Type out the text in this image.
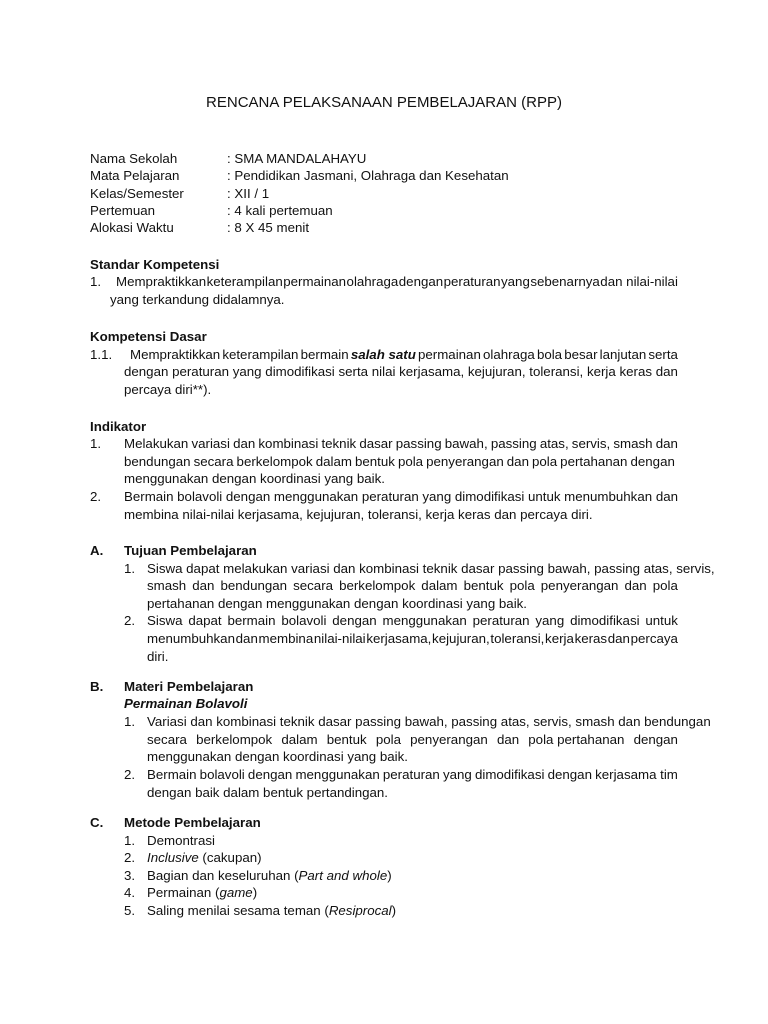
RENCANA PELAKSANAAN PEMBELAJARAN (RPP)
Nama Sekolah	: SMA MANDALAHAYU
Mata Pelajaran	: Pendidikan Jasmani, Olahraga dan Kesehatan
Kelas/Semester	: XII / 1
Pertemuan	: 4 kali pertemuan
Alokasi Waktu	: 8 X 45 menit
Standar Kompetensi
1. Mempraktikkan keterampilan permainan olahraga dengan peraturan yang sebenarnya dan nilai-nilai
yang terkandung didalamnya.
Kompetensi Dasar
1.1. Mempraktikkan keterampilan bermain salah satu permainan olahraga bola besar lanjutan serta
dengan peraturan yang dimodifikasi serta nilai kerjasama, kejujuran, toleransi, kerja keras dan
percaya diri**).
Indikator
1. Melakukan variasi dan kombinasi teknik dasar passing bawah, passing atas, servis, smash dan
bendungan secara berkelompok dalam bentuk pola penyerangan dan pola pertahanan dengan
menggunakan dengan koordinasi yang baik.
2. Bermain bolavoli dengan menggunakan peraturan yang dimodifikasi untuk menumbuhkan dan
membina nilai-nilai kerjasama, kejujuran, toleransi, kerja keras dan percaya diri.
A. Tujuan Pembelajaran
1. Siswa dapat melakukan variasi dan kombinasi teknik dasar passing bawah, passing atas, servis,
smash dan bendungan secara berkelompok dalam bentuk pola penyerangan dan pola
pertahanan dengan menggunakan dengan koordinasi yang baik.
2. Siswa dapat bermain bolavoli dengan menggunakan peraturan yang dimodifikasi untuk
menumbuhkan dan membina nilai-nilai kerjasama, kejujuran, toleransi, kerja keras dan percaya
diri.
B. Materi Pembelajaran
Permainan Bolavoli
1. Variasi dan kombinasi teknik dasar passing bawah, passing atas, servis, smash dan bendungan
secara berkelompok dalam bentuk pola penyerangan dan pola pertahanan dengan
menggunakan dengan koordinasi yang baik.
2. Bermain bolavoli dengan menggunakan peraturan yang dimodifikasi dengan kerjasama tim
dengan baik dalam bentuk pertandingan.
C. Metode Pembelajaran
1. Demontrasi
2. Inclusive (cakupan)
3. Bagian dan keseluruhan (Part and whole)
4. Permainan (game)
5. Saling menilai sesama teman (Resiprocal)
